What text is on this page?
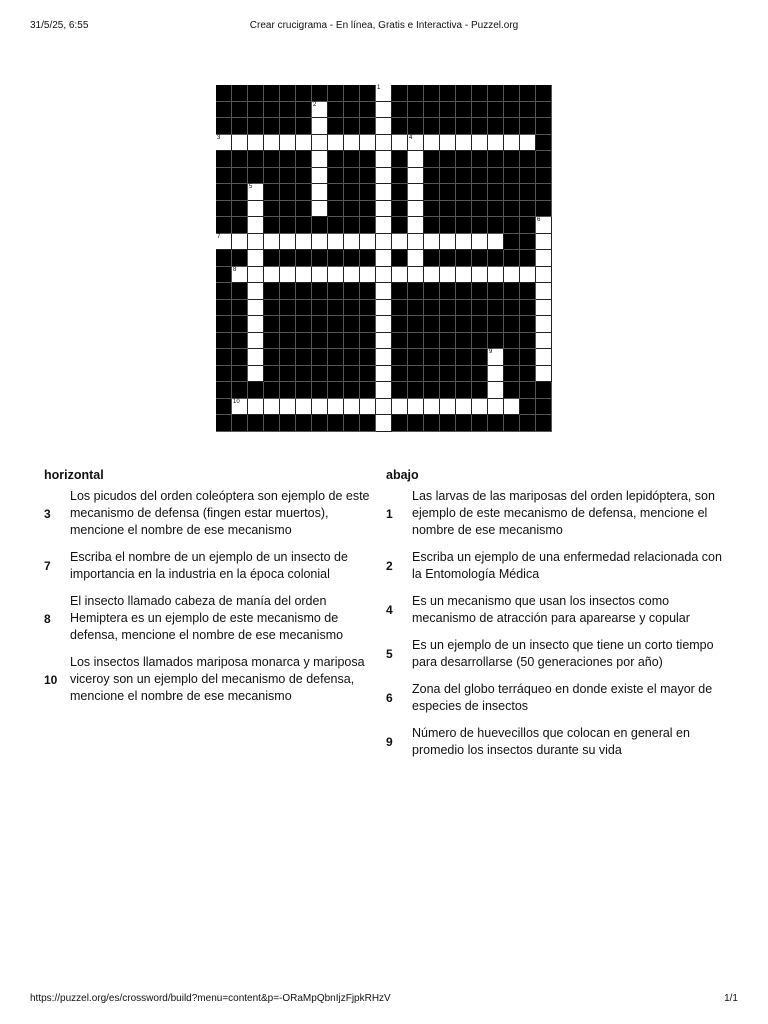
31/5/25, 6:55	Crear crucigrama - En línea, Gratis e Interactiva - Puzzel.org
1
2
3	4
5
6
7
8
9
10
horizontal
3
Los picudos del orden coleóptera son ejemplo de este mecanismo de defensa (fingen estar muertos), mencione el nombre de ese mecanismo
7
Escriba el nombre de un ejemplo de un insecto de importancia en la industria en la época colonial
8
El insecto llamado cabeza de manía del orden Hemiptera es un ejemplo de este mecanismo de defensa, mencione el nombre de ese mecanismo
10
Los insectos llamados mariposa monarca y mariposa viceroy son un ejemplo del mecanismo de defensa, mencione el nombre de ese mecanismo
abajo
1
Las larvas de las mariposas del orden lepidóptera, son ejemplo de este mecanismo de defensa, mencione el nombre de ese mecanismo
2
Escriba un ejemplo de una enfermedad relacionada con la Entomología Médica
4
Es un mecanismo que usan los insectos como mecanismo de atracción para aparearse y copular
5
Es un ejemplo de un insecto que tiene un corto tiempo para desarrollarse (50 generaciones por año)
6
Zona del globo terráqueo en donde existe el mayor de especies de insectos
9
Número de huevecillos que colocan en general en promedio los insectos durante su vida
https://puzzel.org/es/crossword/build?menu=content&p=-ORaMpQbnIjzFjpkRHzV	1/1
